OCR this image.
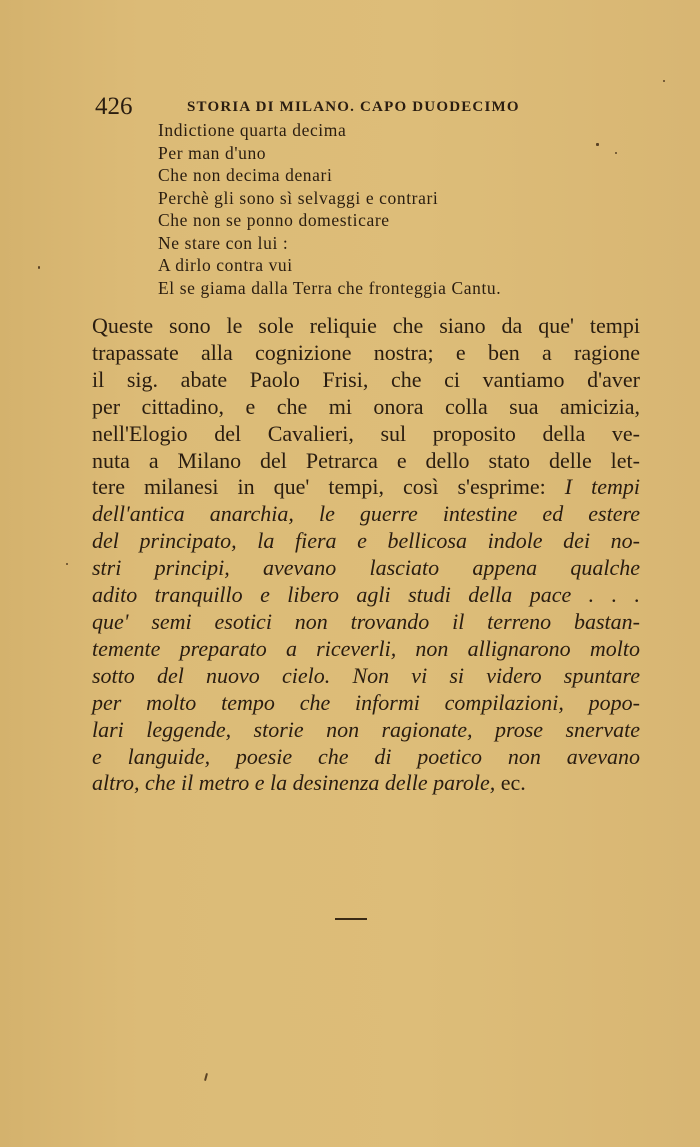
426	STORIA DI MILANO. CAPO DUODECIMO
Indictione quarta decima
Per man d'uno
Che non decima denari
Perchè gli sono sì selvaggi e contrari
Che non se ponno domesticare
Ne stare con lui :
A dirlo contra vui
El se giama dalla Terra che fronteggia Cantu.
Queste sono le sole reliquie che siano da que' tempi
trapassate alla cognizione nostra; e ben a ragione
il sig. abate Paolo Frisi, che ci vantiamo d'aver
per cittadino, e che mi onora colla sua amicizia,
nell'Elogio del Cavalieri, sul proposito della ve-
nuta a Milano del Petrarca e dello stato delle let-
tere milanesi in que' tempi, così s'esprime: I tempi
dell'antica anarchia, le guerre intestine ed estere
del principato, la fiera e bellicosa indole dei no-
stri principi, avevano lasciato appena qualche
adito tranquillo e libero agli studi della pace . . .
que' semi esotici non trovando il terreno bastan-
temente preparato a riceverli, non allignarono molto
sotto del nuovo cielo. Non vi si videro spuntare
per molto tempo che informi compilazioni, popo-
lari leggende, storie non ragionate, prose snervate
e languide, poesie che di poetico non avevano
altro, che il metro e la desinenza delle parole, ec.
